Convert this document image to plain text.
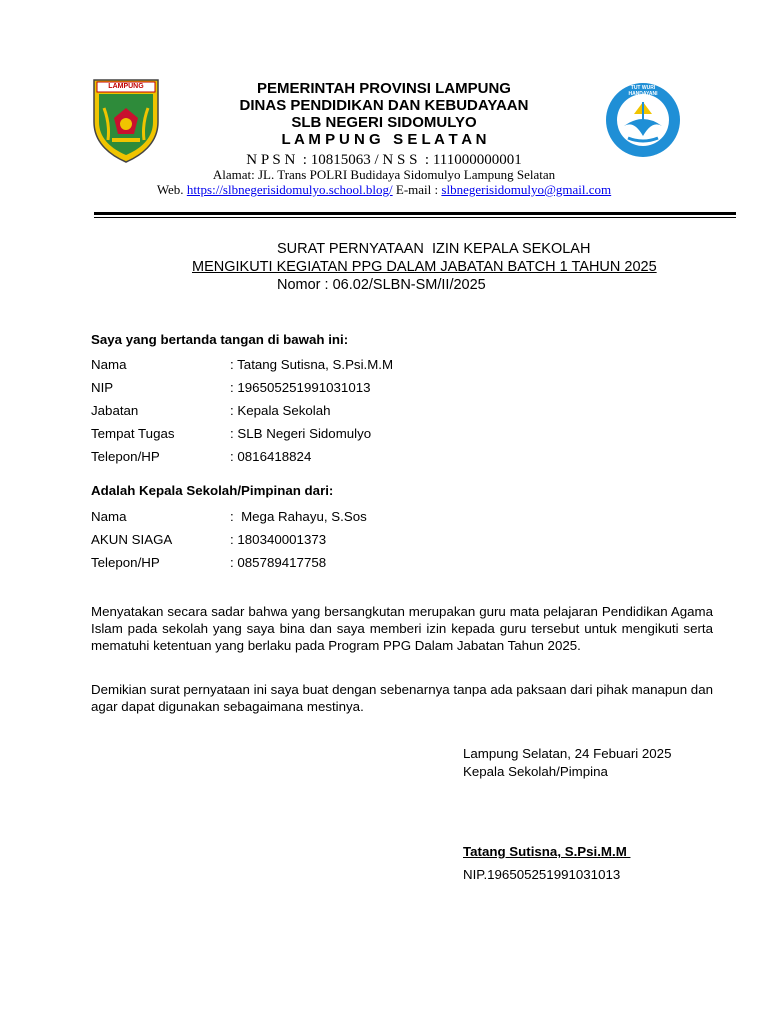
LAMPUNG	TUT WURI HANDAYANI
PEMERINTAH PROVINSI LAMPUNG
DINAS PENDIDIKAN DAN KEBUDAYAAN
SLB NEGERI SIDOMULYO
L A M P U N G   S E L A T A N
N P S N  : 10815063 / N S S  : 111000000001
Alamat: JL. Trans POLRI Budidaya Sidomulyo Lampung Selatan
Web. https://slbnegerisidomulyo.school.blog/ E-mail : slbnegerisidomulyo@gmail.com
SURAT PERNYATAAN  IZIN KEPALA SEKOLAH
MENGIKUTI KEGIATAN PPG DALAM JABATAN BATCH 1 TAHUN 2025
Nomor : 06.02/SLBN-SM/II/2025
Saya yang bertanda tangan di bawah ini:
Nama	: Tatang Sutisna, S.Psi.M.M
NIP	: 196505251991031013
Jabatan	: Kepala Sekolah
Tempat Tugas	: SLB Negeri Sidomulyo
Telepon/HP	: 0816418824
Adalah Kepala Sekolah/Pimpinan dari:
Nama	:  Mega Rahayu, S.Sos
AKUN SIAGA	: 180340001373
Telepon/HP	: 085789417758
Menyatakan secara sadar bahwa yang bersangkutan merupakan guru mata pelajaran Pendidikan Agama Islam pada sekolah yang saya bina dan saya memberi izin kepada guru tersebut untuk mengikuti serta mematuhi ketentuan yang berlaku pada Program PPG Dalam Jabatan Tahun 2025.
Demikian surat pernyataan ini saya buat dengan sebenarnya tanpa ada paksaan dari pihak manapun dan agar dapat digunakan sebagaimana mestinya.
Lampung Selatan, 24 Febuari 2025
Kepala Sekolah/Pimpina
Tatang Sutisna, S.Psi.M.M
NIP.196505251991031013
